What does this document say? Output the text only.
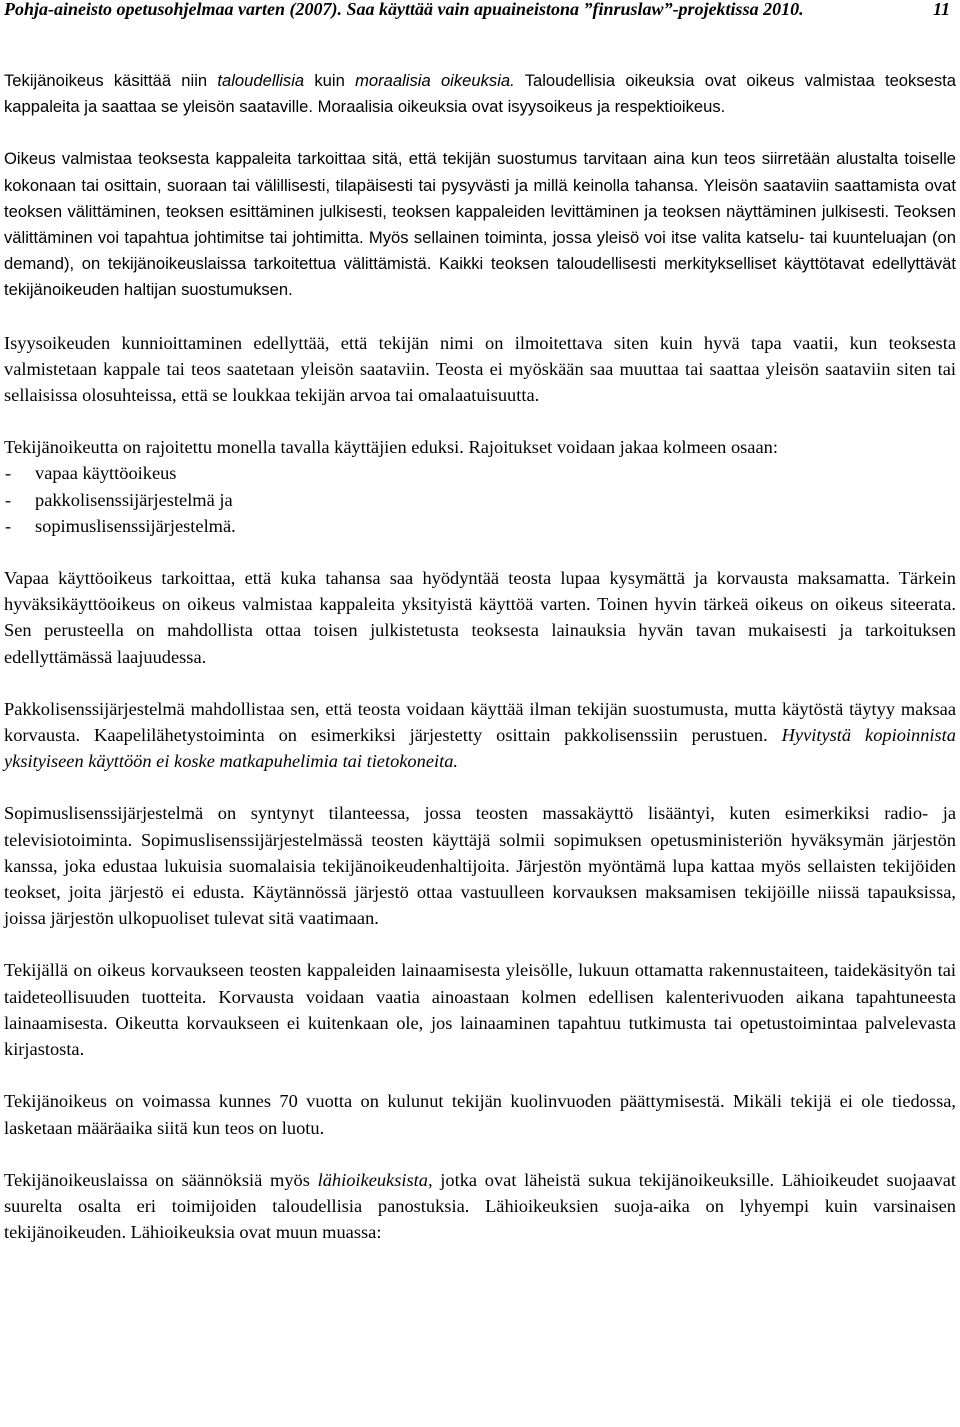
Pohja-aineisto opetusohjelmaa varten (2007). Saa käyttää vain apuaineistona ”finruslaw”-projektissa 2010.	11

Tekijänoikeus käsittää niin taloudellisia kuin moraalisia oikeuksia. Taloudellisia oikeuksia ovat oikeus valmistaa teoksesta kappaleita ja saattaa se yleisön saataville. Moraalisia oikeuksia ovat isyysoikeus ja respektioikeus.

Oikeus valmistaa teoksesta kappaleita tarkoittaa sitä, että tekijän suostumus tarvitaan aina kun teos siirretään alustalta toiselle kokonaan tai osittain, suoraan tai välillisesti, tilapäisesti tai pysyvästi ja millä keinolla tahansa. Yleisön saataviin saattamista ovat teoksen välittäminen, teoksen esittäminen julkisesti, teoksen kappaleiden levittäminen ja teoksen näyttäminen julkisesti. Teoksen välittäminen voi tapahtua johtimitse tai johtimitta. Myös sellainen toiminta, jossa yleisö voi itse valita katselu- tai kuunteluajan (on demand), on tekijänoikeuslaissa tarkoitettua välittämistä. Kaikki teoksen taloudellisesti merkitykselliset käyttötavat edellyttävät tekijänoikeuden haltijan suostumuksen.

Isyysoikeuden kunnioittaminen edellyttää, että tekijän nimi on ilmoitettava siten kuin hyvä tapa vaatii, kun teoksesta valmistetaan kappale tai teos saatetaan yleisön saataviin. Teosta ei myöskään saa muuttaa tai saattaa yleisön saataviin siten tai sellaisissa olosuhteissa, että se loukkaa tekijän arvoa tai omalaatuisuutta.

Tekijänoikeutta on rajoitettu monella tavalla käyttäjien eduksi. Rajoitukset voidaan jakaa kolmeen osaan:

-	vapaa käyttöoikeus
-	pakkolisenssijärjestelmä ja
-	sopimuslisenssijärjestelmä.

Vapaa käyttöoikeus tarkoittaa, että kuka tahansa saa hyödyntää teosta lupaa kysymättä ja korvausta maksamatta. Tärkein hyväksikäyttöoikeus on oikeus valmistaa kappaleita yksityistä käyttöä varten. Toinen hyvin tärkeä oikeus on oikeus siteerata. Sen perusteella on mahdollista ottaa toisen julkistetusta teoksesta lainauksia hyvän tavan mukaisesti ja tarkoituksen edellyttämässä laajuudessa.

Pakkolisenssijärjestelmä mahdollistaa sen, että teosta voidaan käyttää ilman tekijän suostumusta, mutta käytöstä täytyy maksaa korvausta. Kaapelilähetystoiminta on esimerkiksi järjestetty osittain pakkolisenssiin perustuen. Hyvitystä kopioinnista yksityiseen käyttöön ei koske matkapuhelimia tai tietokoneita.

Sopimuslisenssijärjestelmä on syntynyt tilanteessa, jossa teosten massakäyttö lisääntyi, kuten esimerkiksi radio- ja televisiotoiminta. Sopimuslisenssijärjestelmässä teosten käyttäjä solmii sopimuksen opetusministeriön hyväksymän järjestön kanssa, joka edustaa lukuisia suomalaisia tekijänoikeudenhaltijoita. Järjestön myöntämä lupa kattaa myös sellaisten tekijöiden teokset, joita järjestö ei edusta. Käytännössä järjestö ottaa vastuulleen korvauksen maksamisen tekijöille niissä tapauksissa, joissa järjestön ulkopuoliset tulevat sitä vaatimaan.

Tekijällä on oikeus korvaukseen teosten kappaleiden lainaamisesta yleisölle, lukuun ottamatta rakennustaiteen, taidekäsityön tai taideteollisuuden tuotteita. Korvausta voidaan vaatia ainoastaan kolmen edellisen kalenterivuoden aikana tapahtuneesta lainaamisesta. Oikeutta korvaukseen ei kuitenkaan ole, jos lainaaminen tapahtuu tutkimusta tai opetustoimintaa palvelevasta kirjastosta.

Tekijänoikeus on voimassa kunnes 70 vuotta on kulunut tekijän kuolinvuoden päättymisestä. Mikäli tekijä ei ole tiedossa, lasketaan määräaika siitä kun teos on luotu.

Tekijänoikeuslaissa on säännöksiä myös lähioikeuksista, jotka ovat läheistä sukua tekijänoikeuksille. Lähioikeudet suojaavat suurelta osalta eri toimijoiden taloudellisia panostuksia. Lähioikeuksien suoja-aika on lyhyempi kuin varsinaisen tekijänoikeuden. Lähioikeuksia ovat muun muassa:
